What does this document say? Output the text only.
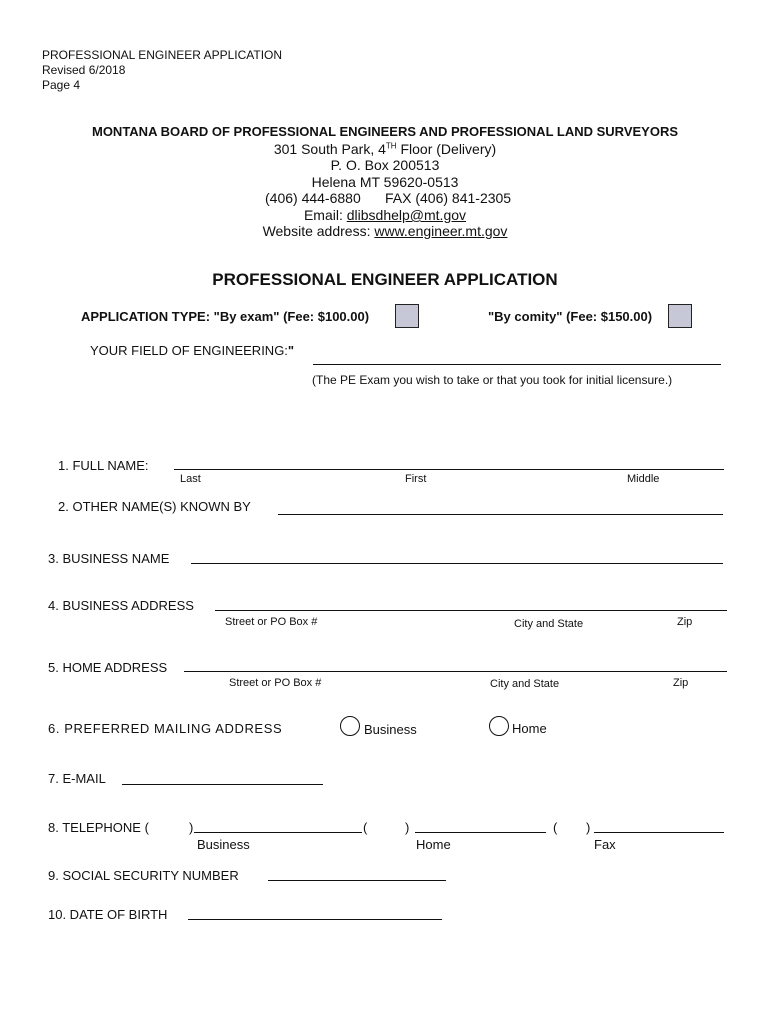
PROFESSIONAL ENGINEER APPLICATION
Revised 6/2018
Page 4
MONTANA BOARD OF PROFESSIONAL ENGINEERS AND PROFESSIONAL LAND SURVEYORS
301 South Park, 4TH Floor (Delivery)
P. O. Box 200513
Helena MT 59620-0513
(406) 444-6880 FAX (406) 841-2305
Email: dlibsdhelp@mt.gov
Website address: www.engineer.mt.gov
PROFESSIONAL ENGINEER APPLICATION
APPLICATION TYPE: "By exam" (Fee: $100.00)	"By comity" (Fee: $150.00)
YOUR FIELD OF ENGINEERING:"
(The PE Exam you wish to take or that you took for initial licensure.)
1. FULL NAME:
Last	First	Middle
2. OTHER NAME(S) KNOWN BY
3. BUSINESS NAME
4. BUSINESS ADDRESS
Street or PO Box #	City and State	Zip
5. HOME ADDRESS
Street or PO Box #	City and State	Zip
6. PREFERRED MAILING ADDRESS	Business	Home
7. E-MAIL
8. TELEPHONE (	)	(	)	( )
Business	Home	Fax
9. SOCIAL SECURITY NUMBER
10. DATE OF BIRTH
